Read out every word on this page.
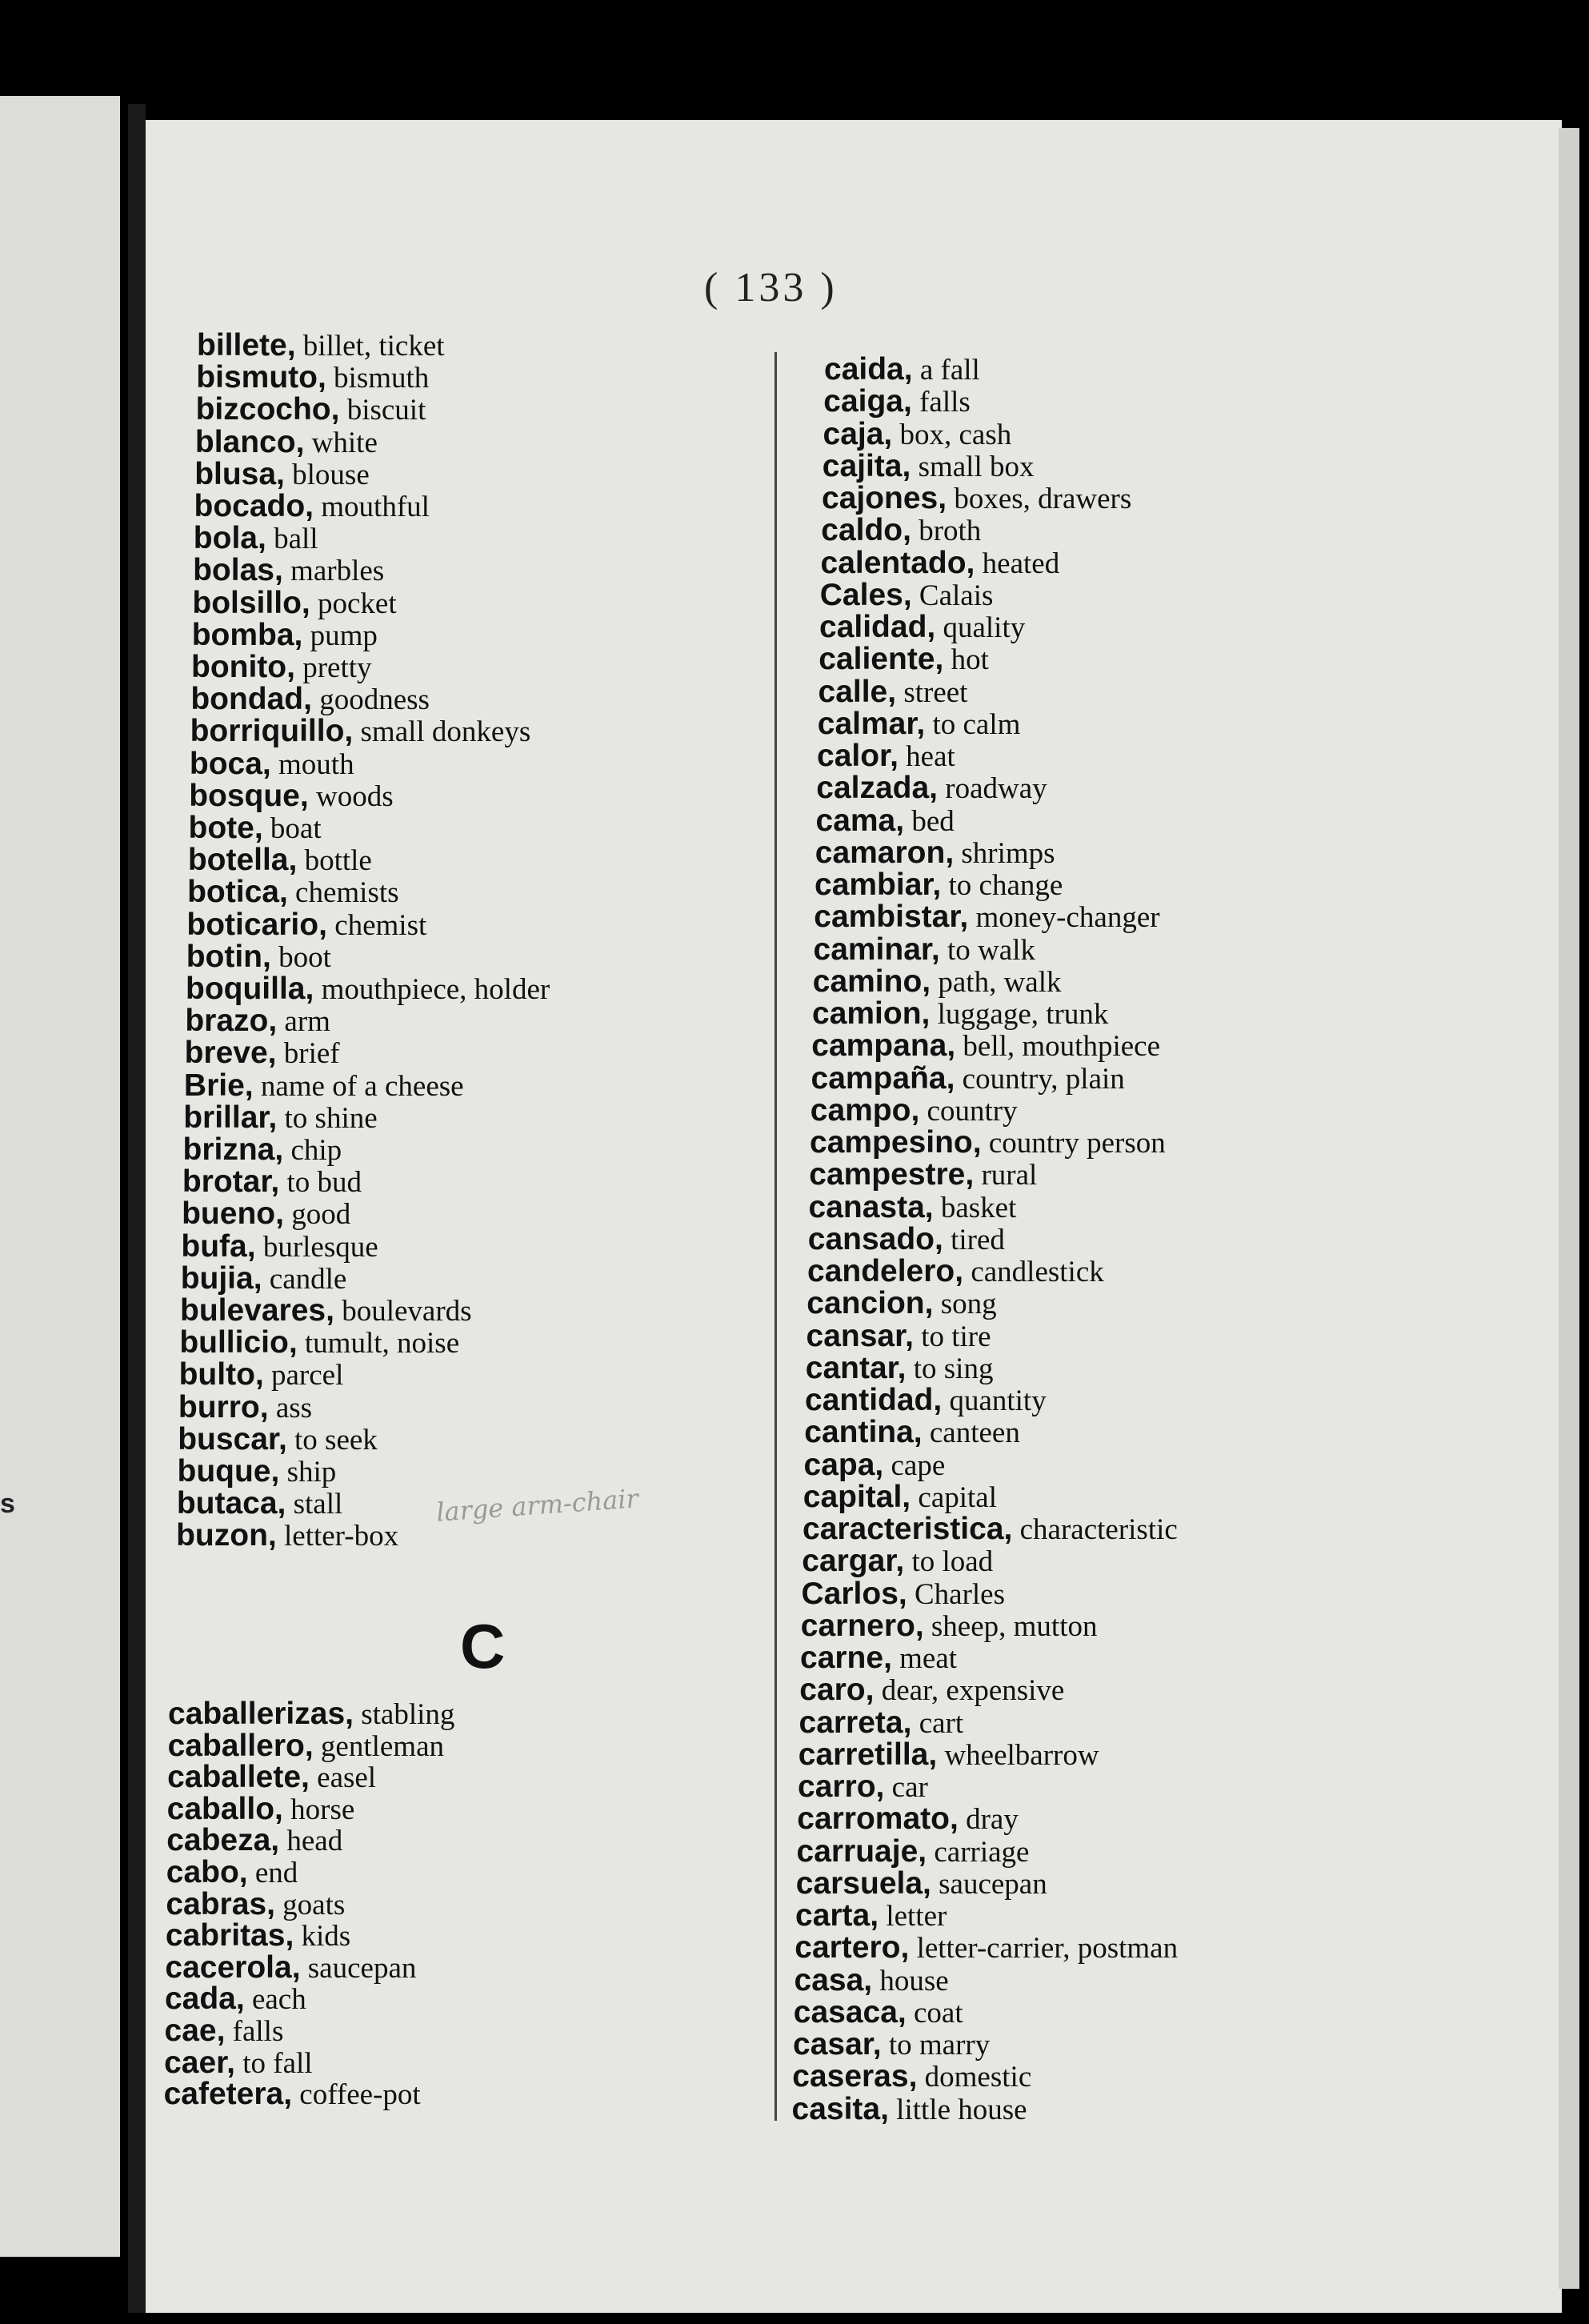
s
( 133 )
billete, billet, ticket
bismuto, bismuth
bizcocho, biscuit
blanco, white
blusa, blouse
bocado, mouthful
bola, ball
bolas, marbles
bolsillo, pocket
bomba, pump
bonito, pretty
bondad, goodness
borriquillo, small donkeys
boca, mouth
bosque, woods
bote, boat
botella, bottle
botica, chemists
boticario, chemist
botin, boot
boquilla, mouthpiece, holder
brazo, arm
breve, brief
Brie, name of a cheese
brillar, to shine
brizna, chip
brotar, to bud
bueno, good
bufa, burlesque
bujia, candle
bulevares, boulevards
bullicio, tumult, noise
bulto, parcel
burro, ass
buscar, to seek
buque, ship
butaca, stall
buzon, letter-box
caballerizas, stabling
caballero, gentleman
caballete, easel
caballo, horse
cabeza, head
cabo, end
cabras, goats
cabritas, kids
cacerola, saucepan
cada, each
cae, falls
caer, to fall
cafetera, coffee-pot
caida, a fall
caiga, falls
caja, box, cash
cajita, small box
cajones, boxes, drawers
caldo, broth
calentado, heated
Cales, Calais
calidad, quality
caliente, hot
calle, street
calmar, to calm
calor, heat
calzada, roadway
cama, bed
camaron, shrimps
cambiar, to change
cambistar, money-changer
caminar, to walk
camino, path, walk
camion, luggage, trunk
campana, bell, mouthpiece
campaña, country, plain
campo, country
campesino, country person
campestre, rural
canasta, basket
cansado, tired
candelero, candlestick
cancion, song
cansar, to tire
cantar, to sing
cantidad, quantity
cantina, canteen
capa, cape
capital, capital
caracteristica, characteristic
cargar, to load
Carlos, Charles
carnero, sheep, mutton
carne, meat
caro, dear, expensive
carreta, cart
carretilla, wheelbarrow
carro, car
carromato, dray
carruaje, carriage
carsuela, saucepan
carta, letter
cartero, letter-carrier, postman
casa, house
casaca, coat
casar, to marry
caseras, domestic
casita, little house
C
large arm-chair
